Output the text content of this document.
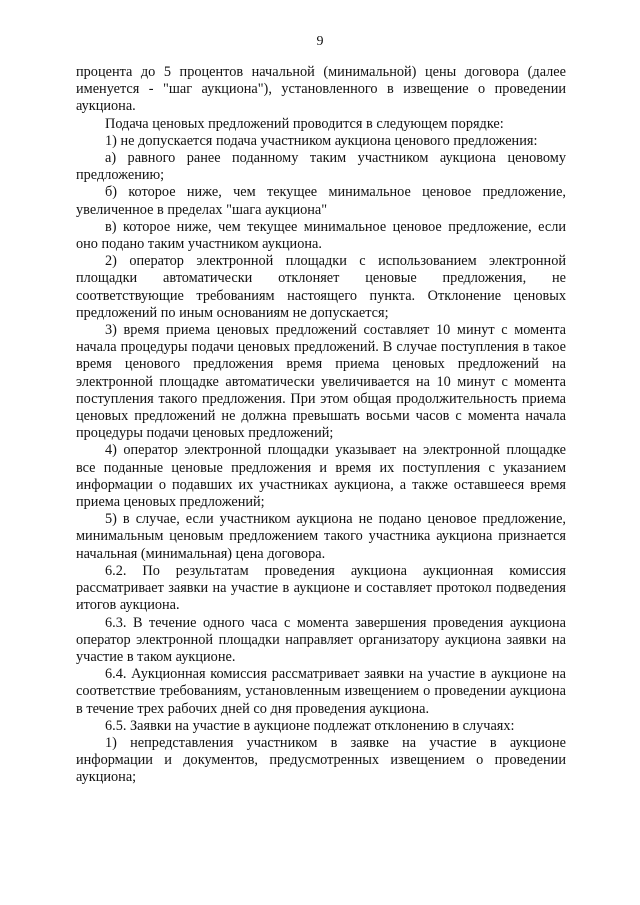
9

процента до 5 процентов начальной (минимальной) цены договора (далее именуется - "шаг аукциона"), установленного в извещение о проведении аукциона.

Подача ценовых предложений проводится в следующем порядке:

1) не допускается подача участником аукциона ценового предложения:

а) равного ранее поданному таким участником аукциона ценовому предложению;

б) которое ниже, чем текущее минимальное ценовое предложение, увеличенное в пределах "шага аукциона"

в) которое ниже, чем текущее минимальное ценовое предложение, если оно подано таким участником аукциона.

2) оператор электронной площадки с использованием электронной площадки автоматически отклоняет ценовые предложения, не соответствующие требованиям настоящего пункта. Отклонение ценовых предложений по иным основаниям не допускается;

3) время приема ценовых предложений составляет 10 минут с момента начала процедуры подачи ценовых предложений. В случае поступления в такое время ценового предложения время приема ценовых предложений на электронной площадке автоматически увеличивается на 10 минут с момента поступления такого предложения. При этом общая продолжительность приема ценовых предложений не должна превышать восьми часов с момента начала процедуры подачи ценовых предложений;

4) оператор электронной площадки указывает на электронной площадке все поданные ценовые предложения и время их поступления с указанием информации о подавших их участниках аукциона, а также оставшееся время приема ценовых предложений;

5) в случае, если участником аукциона не подано ценовое предложение, минимальным ценовым предложением такого участника аукциона признается начальная (минимальная) цена договора.

6.2. По результатам проведения аукциона аукционная комиссия рассматривает заявки на участие в аукционе и составляет протокол подведения итогов аукциона.

6.3. В течение одного часа с момента завершения проведения аукциона оператор электронной площадки направляет организатору аукциона заявки на участие в таком аукционе.

6.4. Аукционная комиссия рассматривает заявки на участие в аукционе на соответствие требованиям, установленным извещением о проведении аукциона в течение трех рабочих дней со дня проведения аукциона.

6.5. Заявки на участие в аукционе подлежат отклонению в случаях:

1) непредставления участником в заявке на участие в аукционе информации и документов, предусмотренных извещением о проведении аукциона;
